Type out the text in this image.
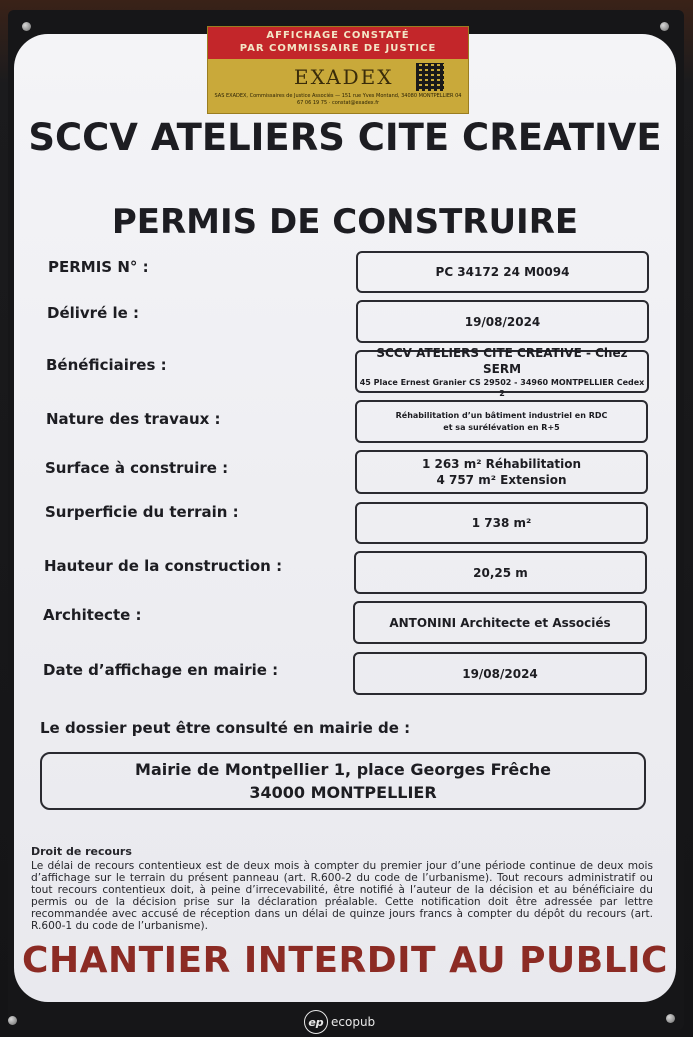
AFFICHAGE CONSTATÉ
PAR COMMISSAIRE DE JUSTICE
EXADEX
SAS EXADEX, Commissaires de Justice Associés — 151 rue Yves Montand, 34080 MONTPELLIER 04 67 06 19 75 · constat@exadex.fr
SCCV ATELIERS CITE CREATIVE
PERMIS DE CONSTRUIRE
PERMIS N° :	PC 34172 24 M0094
Délivré le :	19/08/2024
Bénéficiaires :
SCCV ATELIERS CITE CREATIVE - Chez SERM
45 Place Ernest Granier CS 29502 - 34960 MONTPELLIER Cedex 2
Nature des travaux :	Réhabilitation d’un bâtiment industriel en RDC
et sa surélévation en R+5
Surface à construire :	1 263 m² Réhabilitation
4 757 m² Extension
Surperficie du terrain :
1 738 m²
Hauteur de la construction :	20,25 m
Architecte :	ANTONINI Architecte et Associés
Date d’affichage en mairie :	19/08/2024
Le dossier peut être consulté en mairie de :
Mairie de Montpellier 1, place Georges Frêche
34000 MONTPELLIER
Droit de recours
Le délai de recours contentieux est de deux mois à compter du premier jour d’une période continue de deux mois d’affichage sur le terrain du présent panneau (art. R.600-2 du code de l’urbanisme). Tout recours administratif ou tout recours contentieux doit, à peine d’irrecevabilité, être notifié à l’auteur de la décision et au bénéficiaire du permis ou de la décision prise sur la déclaration préalable. Cette notification doit être adressée par lettre recommandée avec accusé de réception dans un délai de quinze jours francs à compter du dépôt du recours (art. R.600-1 du code de l’urbanisme).
CHANTIER INTERDIT AU PUBLIC
ep ecopub
